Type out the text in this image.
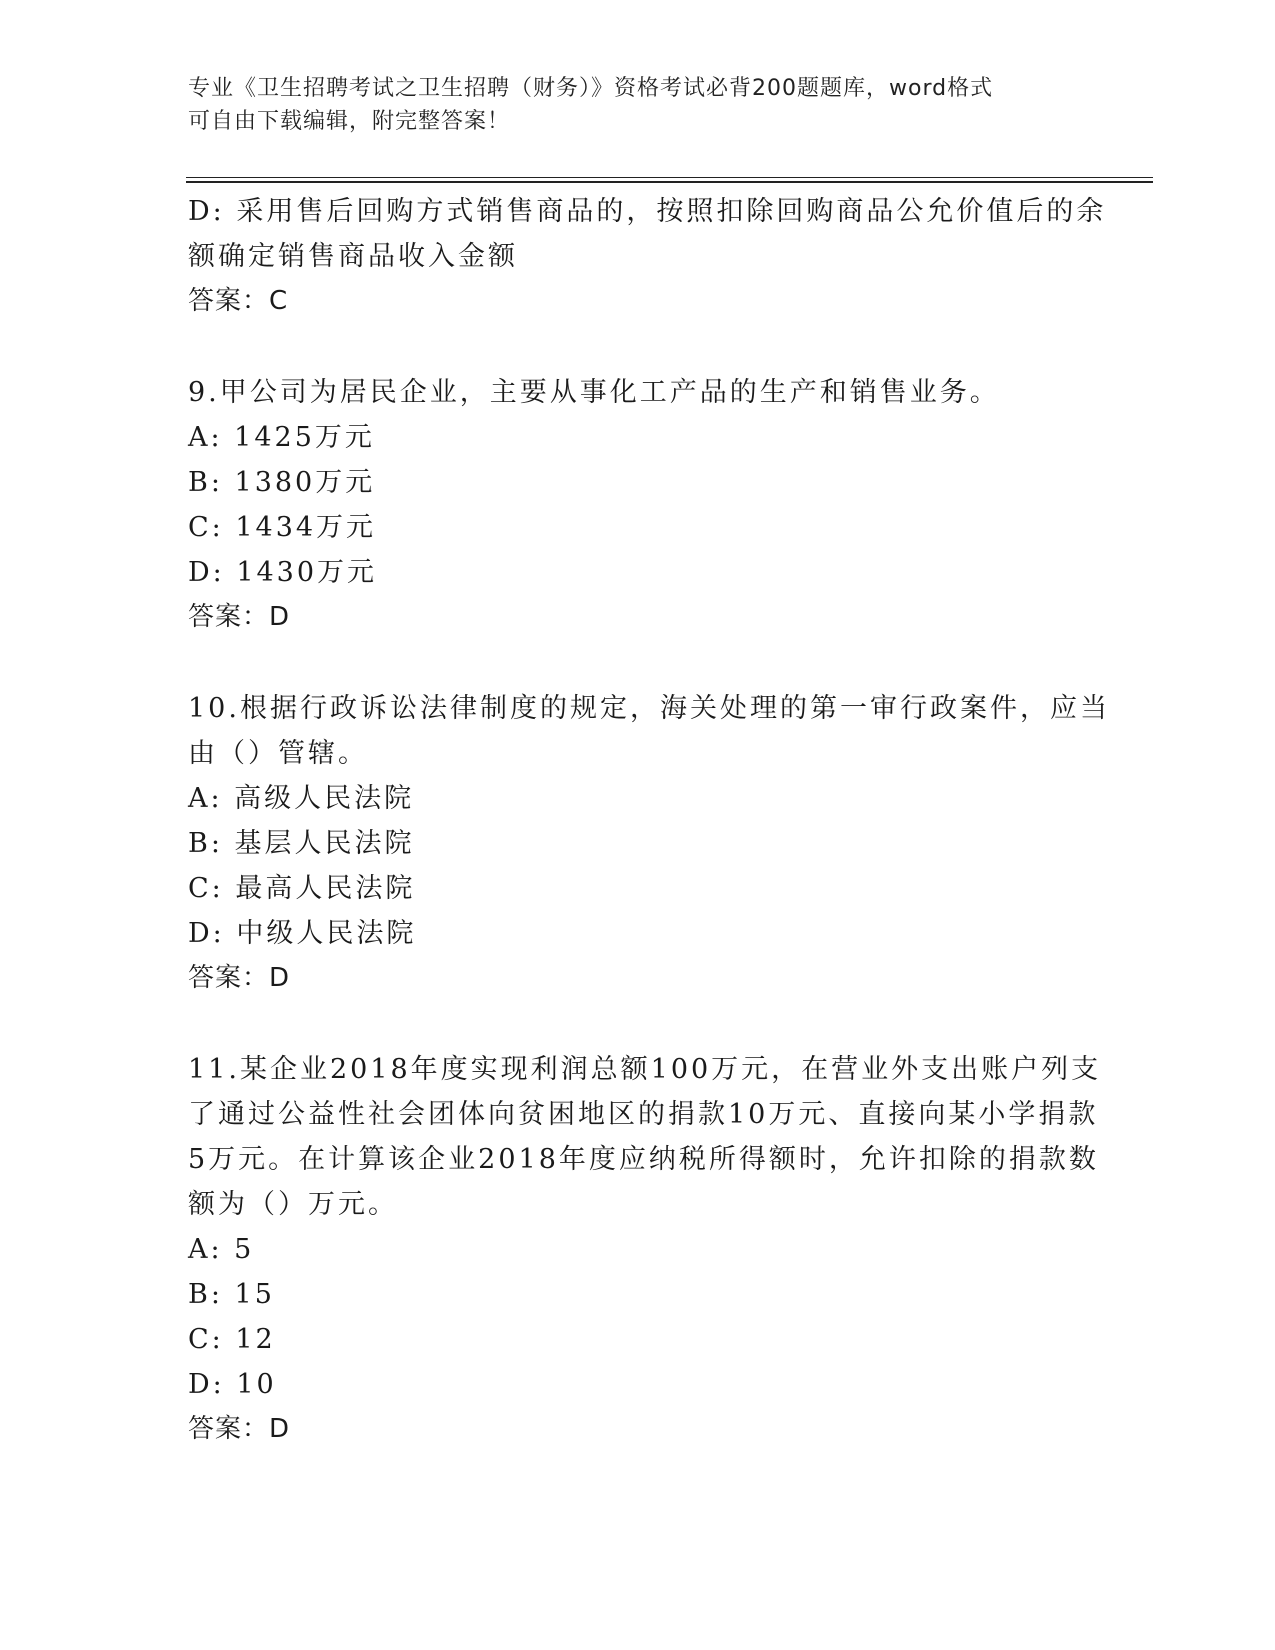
专业《卫生招聘考试之卫生招聘（财务）》资格考试必背200题题库，word格式
可自由下载编辑，附完整答案！
D: 采用售后回购方式销售商品的，按照扣除回购商品公允价值后的余
额确定销售商品收入金额
答案：C
9.甲公司为居民企业，主要从事化工产品的生产和销售业务。
A: 1425万元
B: 1380万元
C: 1434万元
D: 1430万元
答案：D
10.根据行政诉讼法律制度的规定，海关处理的第一审行政案件，应当
由（）管辖。
A: 高级人民法院
B: 基层人民法院
C: 最高人民法院
D: 中级人民法院
答案：D
11.某企业2018年度实现利润总额100万元，在营业外支出账户列支
了通过公益性社会团体向贫困地区的捐款10万元、直接向某小学捐款
5万元。在计算该企业2018年度应纳税所得额时，允许扣除的捐款数
额为（）万元。
A: 5
B: 15
C: 12
D: 10
答案：D
